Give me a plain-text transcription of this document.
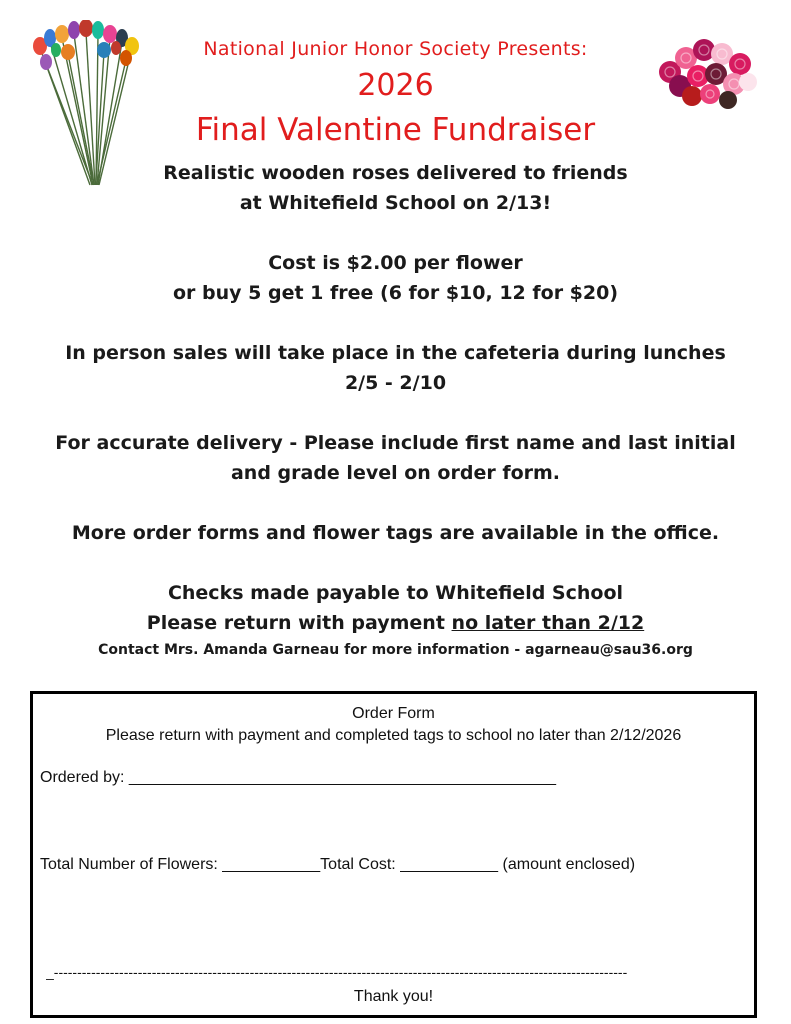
National Junior Honor Society Presents:
2026
Final Valentine Fundraiser
Realistic wooden roses delivered to friends
at Whitefield School on 2/13!
Cost is $2.00 per flower
or buy 5 get 1 free (6 for $10, 12 for $20)
In person sales will take place in the cafeteria during lunches
2/5 - 2/10
For accurate delivery - Please include first name and last initial
and grade level on order form.
More order forms and flower tags are available in the office.
Checks made payable to Whitefield School
Please return with payment no later than 2/12
Contact Mrs. Amanda Garneau for more information - agarneau@sau36.org
Order Form
Please return with payment and completed tags to school no later than 2/12/2026
Ordered by: ________________________________________________
Total Number of Flowers: ___________Total Cost: ___________ (amount enclosed)
_---------------------------------------------------------------------------------------------------------------------------
Thank you!
